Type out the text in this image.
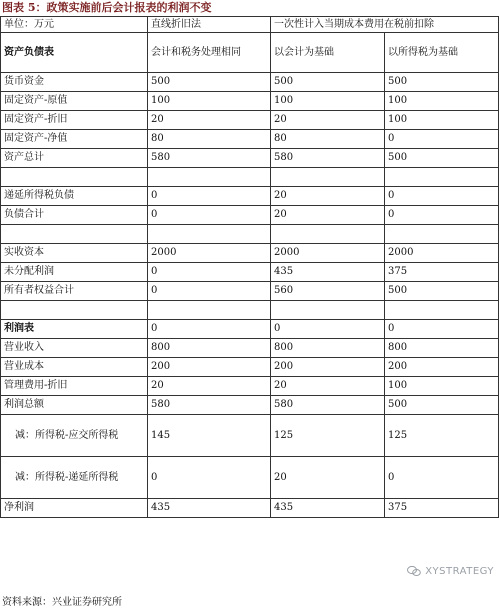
图表 5：政策实施前后会计报表的利润不变
单位：万元	直线折旧法	一次性计入当期成本费用在税前扣除	
资产负债表	会计和税务处理相同	以会计为基础	以所得税为基础
货币资金	500	500	500
固定资产-原值	100	100	100
固定资产-折旧	20	20	100
固定资产-净值	80	80	0
资产总计	580	580	500

递延所得税负债	0	20	0
负债合计	0	20	0

实收资本	2000	2000	2000
未分配利润	0	435	375
所有者权益合计	0	560	500

利润表	0	0	0
营业收入	800	800	800
营业成本	200	200	200
管理费用-折旧	20	20	100
利润总额	580	580	500
减：所得税-应交所得税	145	125	125
减：所得税-递延所得税	0	20	0
净利润	435	435	375
XYSTRATEGY
资料来源：兴业证券研究所
